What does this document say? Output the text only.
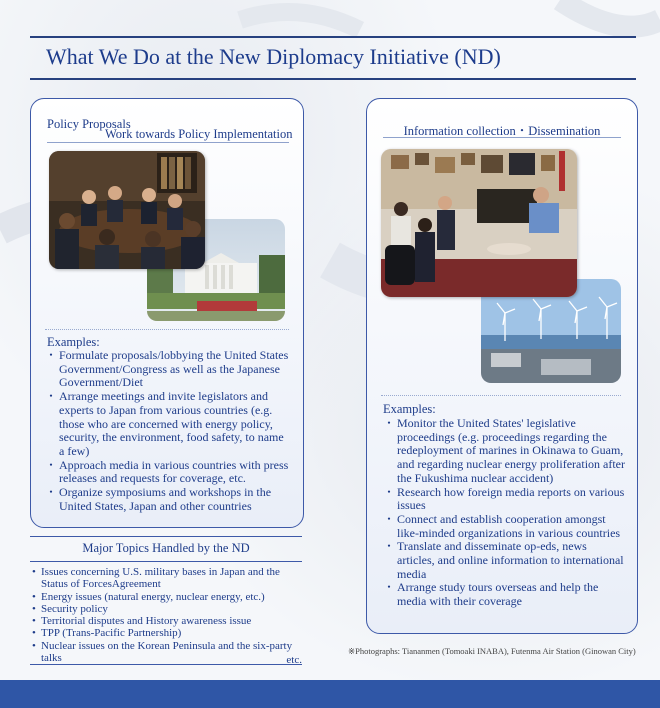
What We Do at the New Diplomacy Initiative (ND)
Policy Proposals
Work towards Policy Implementation
Examples:
・ Formulate proposals/lobbying the United States Government/Congress as well as the Japanese Government/Diet
・ Arrange meetings and invite legislators and experts to Japan from various countries (e.g. those who are concerned with energy policy, security, the environment, food safety, to name a few)
・ Approach media in various countries with press releases and requests for coverage, etc.
・ Organize symposiums and workshops in the United States, Japan and other countries
Major Topics Handled by the ND
• Issues concerning U.S. military bases in Japan and the Status of ForcesAgreement
• Energy issues (natural energy, nuclear energy, etc.)
• Security policy
• Territorial disputes and History awareness issue
• TPP (Trans-Pacific Partnership)
• Nuclear issues on the Korean Peninsula and the six-party talks	etc.
Information collection・Dissemination
Examples:
・ Monitor the United States' legislative proceedings (e.g. proceedings regarding the redeployment of marines in Okinawa to Guam, and regarding nuclear energy proliferation after the Fukushima nuclear accident)
・ Research how foreign media reports on various issues
・ Connect and establish cooperation amongst like-minded organizations in various countries
・ Translate and disseminate op-eds, news articles, and online information to international media
・ Arrange study tours overseas and help the media with their coverage
※Photographs: Tiananmen (Tomoaki INABA), Futenma Air Station (Ginowan City)
